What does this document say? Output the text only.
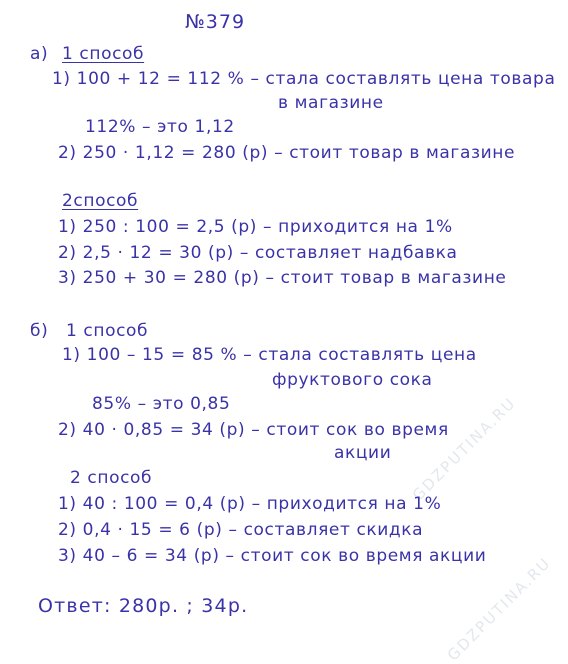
GDZPUTINA.RU
GDZPUTINA.RU
№379
а) 1 способ
1) 100 + 12 = 112 % – стала составлять цена товара
в магазине
112% – это 1,12
2) 250 · 1,12 = 280 (р) – стоит товар в магазине
2способ
1) 250 : 100 = 2,5 (р) – приходится на 1%
2) 2,5 · 12 = 30 (р) – составляет надбавка
3) 250 + 30 = 280 (р) – стоит товар в магазине
б) 1 способ
1) 100 – 15 = 85 % – стала составлять цена
фруктового сока
85% – это 0,85
2) 40 · 0,85 = 34 (р) – стоит сок во время
акции
2 способ
1) 40 : 100 = 0,4 (р) – приходится на 1%
2) 0,4 · 15 = 6 (р) – составляет скидка
3) 40 – 6 = 34 (р) – стоит сок во время акции
Ответ: 280р. ; 34р.
